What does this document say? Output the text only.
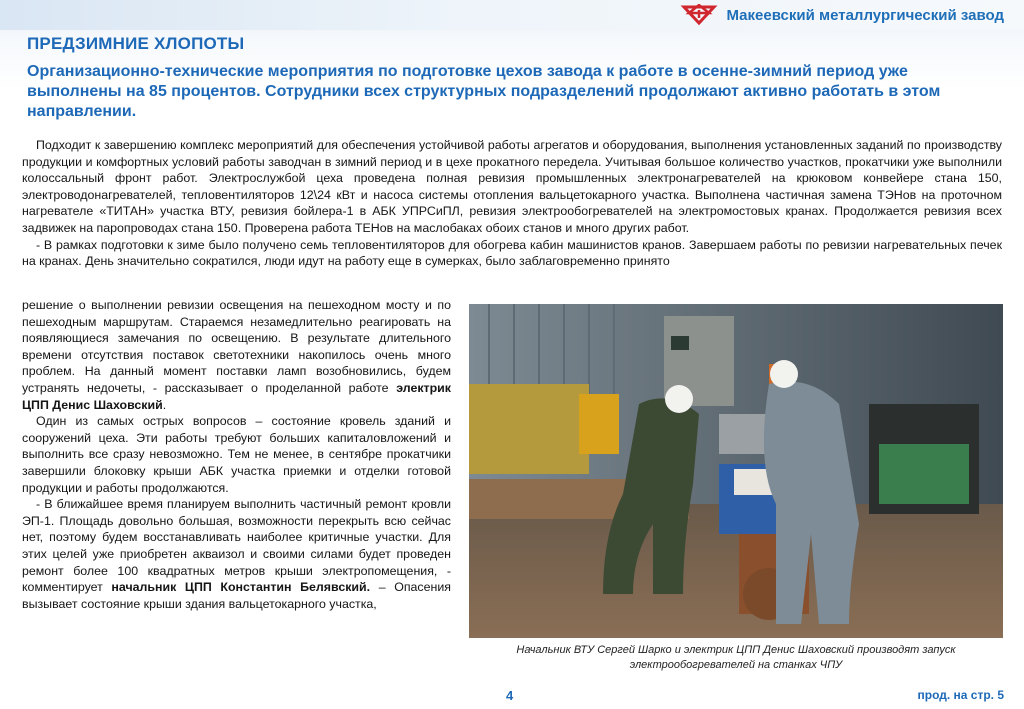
Макеевский металлургический завод
ПРЕДЗИМНИЕ ХЛОПОТЫ
Организационно-технические мероприятия по подготовке цехов завода к работе в осенне-зимний период уже выполнены на 85 процентов. Сотрудники всех структурных подразделений продолжают активно работать в этом направлении.

Подходит к завершению комплекс мероприятий для обеспечения устойчивой работы агрегатов и оборудования, выполнения установленных заданий по производству продукции и комфортных условий работы заводчан в зимний период и в цехе прокатного передела. Учитывая большое количество участков, прокатчики уже выполнили колоссальный фронт работ. Электрослужбой цеха проведена полная ревизия промышленных электронагревателей на крюковом конвейере стана 150, электроводонагревателей, тепловентиляторов 12\24 кВт и насоса системы отопления вальцетокарного участка. Выполнена частичная замена ТЭНов на проточном нагревателе «ТИТАН» участка ВТУ, ревизия бойлера-1 в АБК УПРСиПЛ, ревизия электрообогревателей на электромостовых кранах. Продолжается ревизия всех задвижек на паропроводах стана 150. Проверена работа ТЕНов на маслобаках обоих станов и много других работ.

- В рамках подготовки к зиме было получено семь тепловентиляторов для обогрева кабин машинистов кранов. Завершаем работы по ревизии нагревательных печек на кранах. День значительно сократился, люди идут на работу еще в сумерках, было заблаговременно принято

решение о выполнении ревизии освещения на пешеходном мосту и по пешеходным маршрутам. Стараемся незамедлительно реагировать на появляющиеся замечания по освещению. В результате длительного времени отсутствия поставок светотехники накопилось очень много проблем. На данный момент поставки ламп возобновились, будем устранять недочеты, - рассказывает о проделанной работе электрик ЦПП Денис Шаховский.

Один из самых острых вопросов – состояние кровель зданий и сооружений цеха. Эти работы требуют больших капиталовложений и выполнить все сразу невозможно. Тем не менее, в сентябре прокатчики завершили блоковку крыши АБК участка приемки и отделки готовой продукции и работы продолжаются.

- В ближайшее время планируем выполнить частичный ремонт кровли ЭП-1. Площадь довольно большая, возможности перекрыть всю сейчас нет, поэтому будем восстанавливать наиболее критичные участки. Для этих целей уже приобретен акваизол и своими силами будет проведен ремонт более 100 квадратных метров крыши электропомещения, - комментирует начальник ЦПП Константин Белявский. – Опасения вызывает состояние крыши здания вальцетокарного участка,

Начальник ВТУ Сергей Шарко и электрик ЦПП Денис Шаховский производят запуск электрообогревателей на станках ЧПУ
4	прод. на стр. 5
